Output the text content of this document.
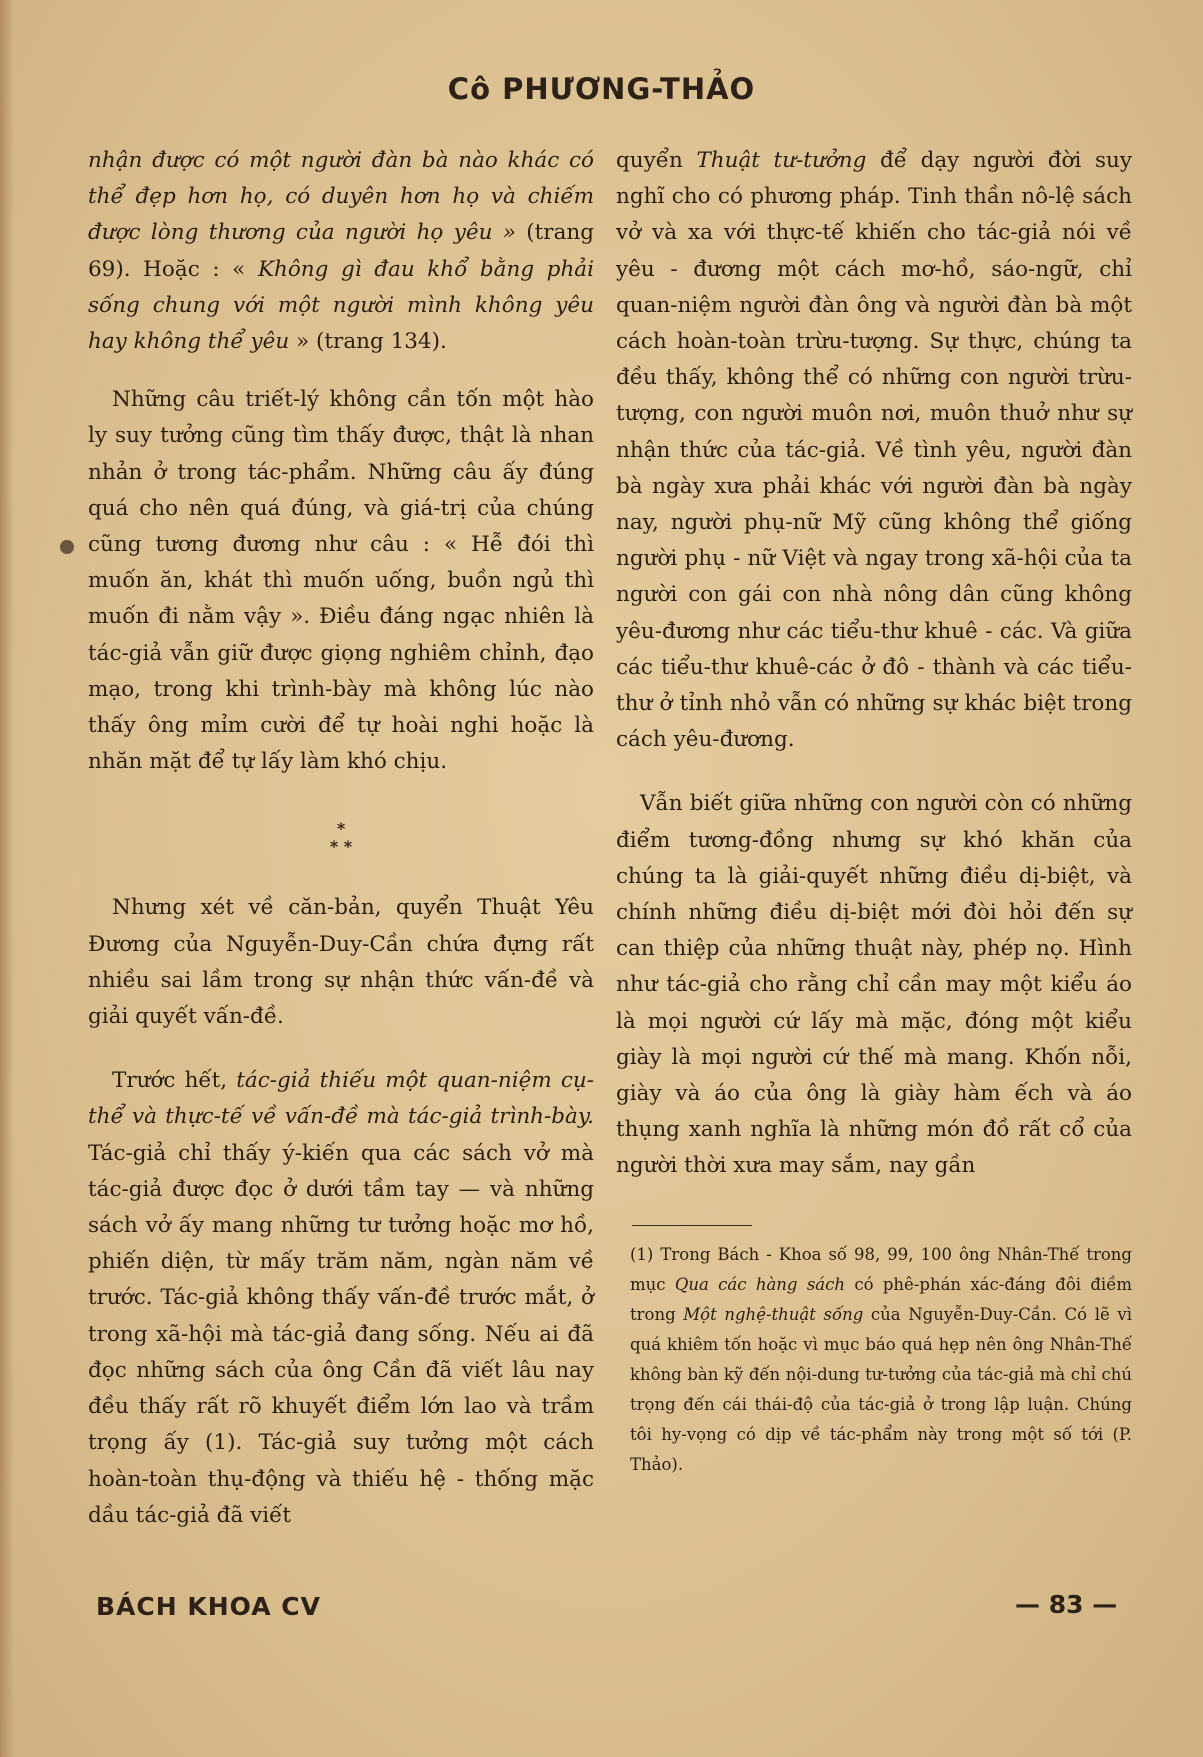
Cô PHƯƠNG-THẢO

nhận được có một người đàn bà nào khác có thể đẹp hơn họ, có duyên hơn họ và chiếm được lòng thương của người họ yêu » (trang 69). Hoặc : « Không gì đau khổ bằng phải sống chung với một người mình không yêu hay không thể yêu » (trang 134).

Những câu triết-lý không cần tốn một hào ly suy tưởng cũng tìm thấy được, thật là nhan nhản ở trong tác-phẩm. Những câu ấy đúng quá cho nên quá đúng, và giá-trị của chúng cũng tương đương như câu : « Hễ đói thì muốn ăn, khát thì muốn uống, buồn ngủ thì muốn đi nằm vậy ». Điều đáng ngạc nhiên là tác-giả vẫn giữ được giọng nghiêm chỉnh, đạo mạo, trong khi trình-bày mà không lúc nào thấy ông mỉm cười để tự hoài nghi hoặc là nhăn mặt để tự lấy làm khó chịu.

*
* *

Nhưng xét về căn-bản, quyển Thuật Yêu Đương của Nguyễn-Duy-Cần chứa đựng rất nhiều sai lầm trong sự nhận thức vấn-đề và giải quyết vấn-đề.

Trước hết, tác-giả thiếu một quan-niệm cụ-thể và thực-tế về vấn-đề mà tác-giả trình-bày. Tác-giả chỉ thấy ý-kiến qua các sách vở mà tác-giả được đọc ở dưới tầm tay — và những sách vở ấy mang những tư tưởng hoặc mơ hồ, phiến diện, từ mấy trăm năm, ngàn năm về trước. Tác-giả không thấy vấn-đề trước mắt, ở trong xã-hội mà tác-giả đang sống. Nếu ai đã đọc những sách của ông Cần đã viết lâu nay đều thấy rất rõ khuyết điểm lớn lao và trầm trọng ấy (1). Tác-giả suy tưởng một cách hoàn-toàn thụ-động và thiếu hệ - thống mặc dầu tác-giả đã viết

quyển Thuật tư-tưởng để dạy người đời suy nghĩ cho có phương pháp. Tinh thần nô-lệ sách vở và xa với thực-tế khiến cho tác-giả nói về yêu - đương một cách mơ-hồ, sáo-ngữ, chỉ quan-niệm người đàn ông và người đàn bà một cách hoàn-toàn trừu-tượng. Sự thực, chúng ta đều thấy, không thể có những con người trừu-tượng, con người muôn nơi, muôn thuở như sự nhận thức của tác-giả. Về tình yêu, người đàn bà ngày xưa phải khác với người đàn bà ngày nay, người phụ-nữ Mỹ cũng không thể giống người phụ - nữ Việt và ngay trong xã-hội của ta người con gái con nhà nông dân cũng không yêu-đương như các tiểu-thư khuê - các. Và giữa các tiểu-thư khuê-các ở đô - thành và các tiểu-thư ở tỉnh nhỏ vẫn có những sự khác biệt trong cách yêu-đương.

Vẫn biết giữa những con người còn có những điểm tương-đồng nhưng sự khó khăn của chúng ta là giải-quyết những điều dị-biệt, và chính những điều dị-biệt mới đòi hỏi đến sự can thiệp của những thuật này, phép nọ. Hình như tác-giả cho rằng chỉ cần may một kiểu áo là mọi người cứ lấy mà mặc, đóng một kiểu giày là mọi người cứ thế mà mang. Khốn nỗi, giày và áo của ông là giày hàm ếch và áo thụng xanh nghĩa là những món đồ rất cổ của người thời xưa may sắm, nay gần

(1) Trong Bách - Khoa số 98, 99, 100 ông Nhân-Thế trong mục Qua các hàng sách có phê-phán xác-đáng đôi điềm trong Một nghệ-thuật sống của Nguyễn-Duy-Cần. Có lẽ vì quá khiêm tốn hoặc vì mục báo quá hẹp nên ông Nhân-Thế không bàn kỹ đến nội-dung tư-tưởng của tác-giả mà chỉ chú trọng đến cái thái-độ của tác-giả ở trong lập luận. Chúng tôi hy-vọng có dịp về tác-phẩm này trong một số tới (P. Thảo).

BÁCH KHOA CV	— 83 —
